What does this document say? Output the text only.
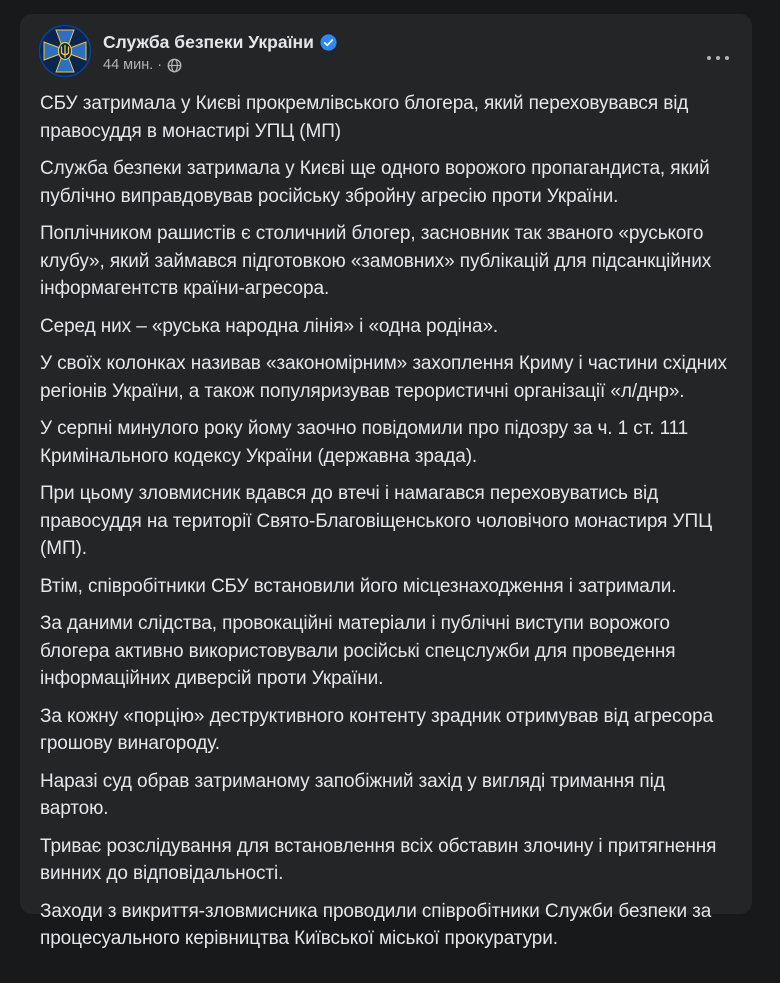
Служба безпеки України
44 мин. ·

СБУ затримала у Києві прокремлівського блогера, який переховувався від правосуддя в монастирі УПЦ (МП)

Служба безпеки затримала у Києві ще одного ворожого пропагандиста, який публічно виправдовував російську збройну агресію проти України.

Поплічником рашистів є столичний блогер, засновник так званого «руського клубу», який займався підготовкою «замовних» публікацій для підсанкційних інформагентств країни-агресора.

Серед них – «руська народна лінія» і «одна родіна».

У своїх колонках називав «закономірним» захоплення Криму і частини східних регіонів України, а також популяризував терористичні організації «л/днр».

У серпні минулого року йому заочно повідомили про підозру за ч. 1 ст. 111 Кримінального кодексу України (державна зрада).

При цьому зловмисник вдався до втечі і намагався переховуватись від правосуддя на території Свято-Благовіщенського чоловічого монастиря УПЦ (МП).

Втім, співробітники СБУ встановили його місцезнаходження і затримали.

За даними слідства, провокаційні матеріали і публічні виступи ворожого блогера активно використовували російські спецслужби для проведення інформаційних диверсій проти України.

За кожну «порцію» деструктивного контенту зрадник отримував від агресора грошову винагороду.

Наразі суд обрав затриманому запобіжний захід у вигляді тримання під вартою.

Триває розслідування для встановлення всіх обставин злочину і притягнення винних до відповідальності.

Заходи з викриття-зловмисника проводили співробітники Служби безпеки за процесуального керівництва Київської міської прокуратури.
